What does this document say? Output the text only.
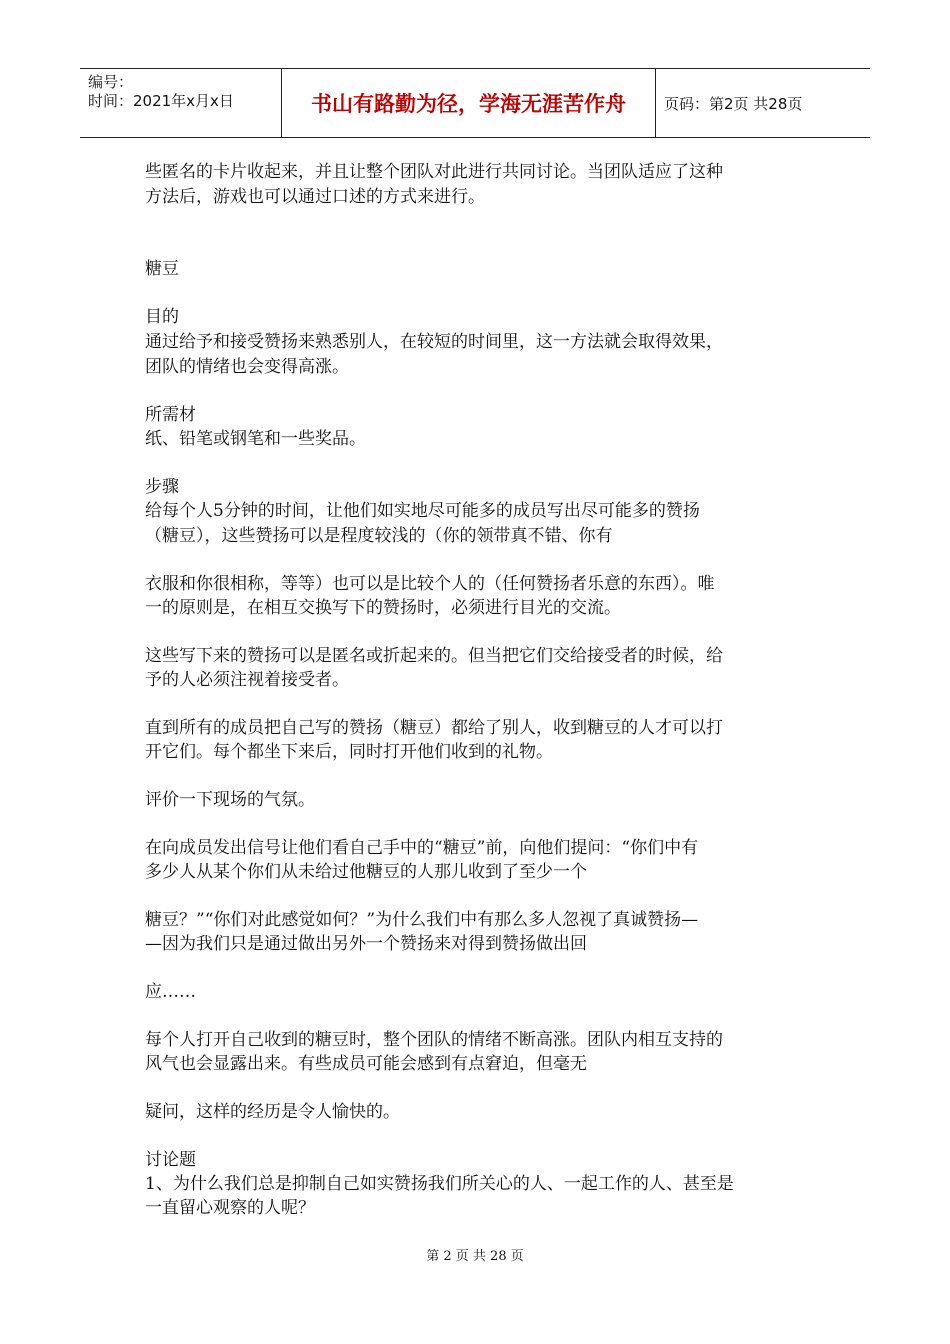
编号：
时间：2021年x月x日	书山有路勤为径，学海无涯苦作舟	页码：第2页 共28页
些匿名的卡片收起来，并且让整个团队对此进行共同讨论。当团队适应了这种
方法后，游戏也可以通过口述的方式来进行。
糖豆
目的
通过给予和接受赞扬来熟悉别人，在较短的时间里，这一方法就会取得效果，
团队的情绪也会变得高涨。
所需材
纸、铅笔或钢笔和一些奖品。
步骤
给每个人5分钟的时间，让他们如实地尽可能多的成员写出尽可能多的赞扬
（糖豆），这些赞扬可以是程度较浅的（你的领带真不错、你有
衣服和你很相称，等等）也可以是比较个人的（任何赞扬者乐意的东西）。唯
一的原则是，在相互交换写下的赞扬时，必须进行目光的交流。
这些写下来的赞扬可以是匿名或折起来的。但当把它们交给接受者的时候，给
予的人必须注视着接受者。
直到所有的成员把自己写的赞扬（糖豆）都给了别人，收到糖豆的人才可以打
开它们。每个都坐下来后，同时打开他们收到的礼物。
评价一下现场的气氛。
在向成员发出信号让他们看自己手中的“糖豆”前，向他们提问：“你们中有
多少人从某个你们从未给过他糖豆的人那儿收到了至少一个
糖豆？”“你们对此感觉如何？”为什么我们中有那么多人忽视了真诚赞扬—
—因为我们只是通过做出另外一个赞扬来对得到赞扬做出回
应……
每个人打开自己收到的糖豆时，整个团队的情绪不断高涨。团队内相互支持的
风气也会显露出来。有些成员可能会感到有点窘迫，但毫无
疑问，这样的经历是令人愉快的。
讨论题
1、为什么我们总是抑制自己如实赞扬我们所关心的人、一起工作的人、甚至是
一直留心观察的人呢？
第 2 页 共 28 页
